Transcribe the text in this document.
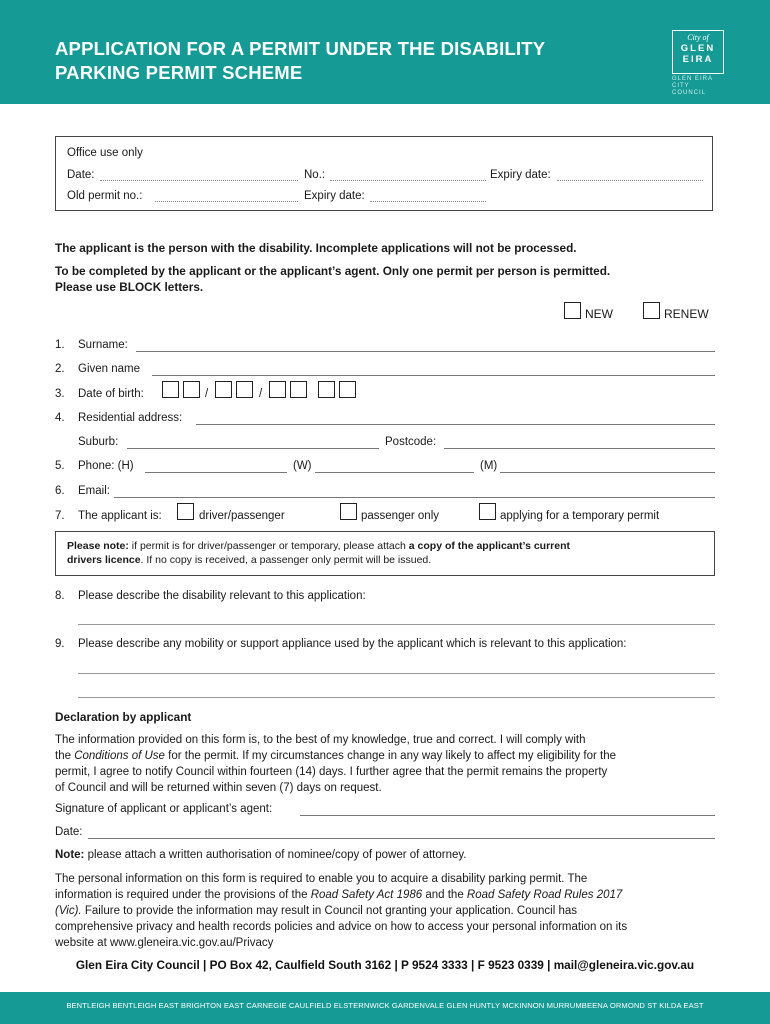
APPLICATION FOR A PERMIT UNDER THE DISABILITY
PARKING PERMIT SCHEME
City of
GLEN
EIRA
GLEN EIRA
CITY COUNCIL
Office use only
Date:	No.:	Expiry date:
Old permit no.:	Expiry date:
The applicant is the person with the disability. Incomplete applications will not be processed.
To be completed by the applicant or the applicant’s agent. Only one permit per person is permitted.
Please use BLOCK letters.
NEW	RENEW
1. Surname:
2. Given name
3. Date of birth:	/	/
4. Residential address:
Suburb:	Postcode:
5. Phone: (H)	(W)	(M)
6. Email:
7. The applicant is:	driver/passenger	passenger only	applying for a temporary permit
Please note: if permit is for driver/passenger or temporary, please attach a copy of the applicant’s current
drivers licence. If no copy is received, a passenger only permit will be issued.
8. Please describe the disability relevant to this application:
9. Please describe any mobility or support appliance used by the applicant which is relevant to this application:
Declaration by applicant
The information provided on this form is, to the best of my knowledge, true and correct. I will comply with
the Conditions of Use for the permit. If my circumstances change in any way likely to affect my eligibility for the
permit, I agree to notify Council within fourteen (14) days. I further agree that the permit remains the property
of Council and will be returned within seven (7) days on request.
Signature of applicant or applicant’s agent:
Date:
Note: please attach a written authorisation of nominee/copy of power of attorney.
The personal information on this form is required to enable you to acquire a disability parking permit. The
information is required under the provisions of the Road Safety Act 1986 and the Road Safety Road Rules 2017
(Vic). Failure to provide the information may result in Council not granting your application. Council has
comprehensive privacy and health records policies and advice on how to access your personal information on its
website at www.gleneira.vic.gov.au/Privacy
Glen Eira City Council | PO Box 42, Caulfield South 3162 | P 9524 3333 | F 9523 0339 | mail@gleneira.vic.gov.au
BENTLEIGH BENTLEIGH EAST BRIGHTON EAST CARNEGIE CAULFIELD ELSTERNWICK GARDENVALE GLEN HUNTLY MCKINNON MURRUMBEENA ORMOND ST KILDA EAST
